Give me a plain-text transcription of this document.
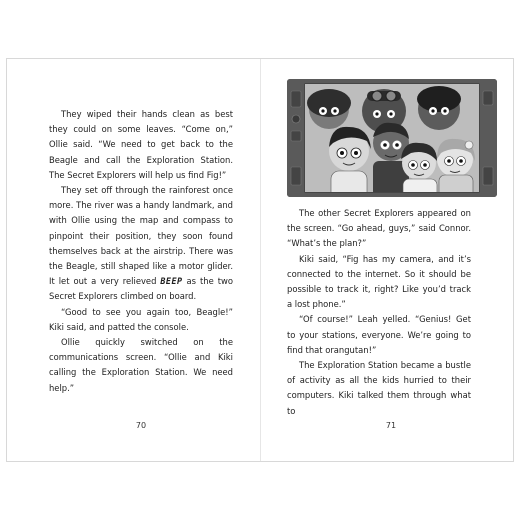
They wiped their hands clean as best they could on some leaves. “Come on,” Ollie said. “We need to get back to the Beagle and call the Exploration Station. The Secret Explorers will help us find Fig!”

They set off through the rainforest once more. The river was a handy landmark, and with Ollie using the map and compass to pinpoint their position, they soon found themselves back at the airstrip. There was the Beagle, still shaped like a motor glider. It let out a very relieved BEEP as the two Secret Explorers climbed on board.

“Good to see you again too, Beagle!” Kiki said, and patted the console.

Ollie quickly switched on the communications screen. “Ollie and Kiki calling the Exploration Station. We need help.”

70

The other Secret Explorers appeared on the screen. “Go ahead, guys,” said Connor. “What’s the plan?”

Kiki said, “Fig has my camera, and it’s connected to the internet. So it should be possible to track it, right? Like you’d track a lost phone.”

“Of course!” Leah yelled. “Genius! Get to your stations, everyone. We’re going to find that orangutan!”

The Exploration Station became a bustle of activity as all the kids hurried to their computers. Kiki talked them through what to

71
